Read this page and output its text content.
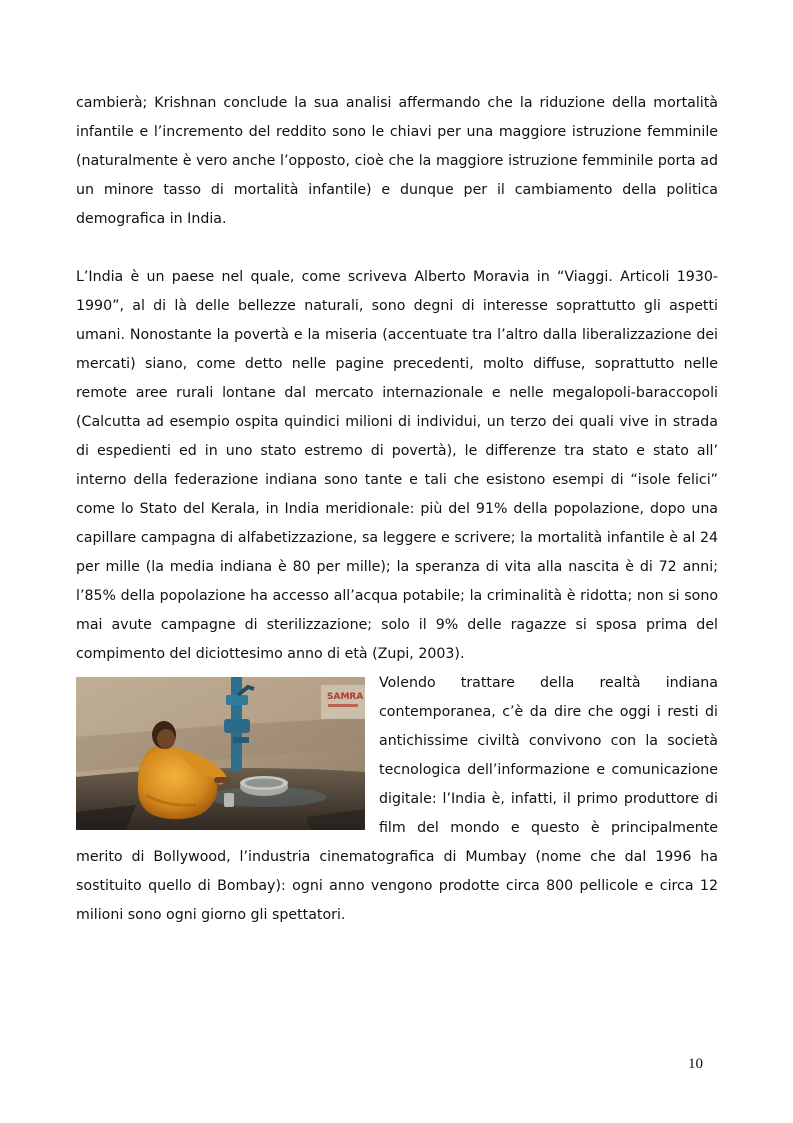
cambierà; Krishnan conclude la sua analisi affermando che la riduzione della mortalità infantile e l’incremento del reddito sono le chiavi per una maggiore istruzione femminile (naturalmente è vero anche l’opposto, cioè che la maggiore istruzione femminile porta ad un minore tasso di mortalità infantile) e dunque per il cambiamento della politica demografica in India.

L’India è un paese nel quale, come scriveva Alberto Moravia in “Viaggi. Articoli 1930-1990”, al di là delle bellezze naturali, sono degni di interesse soprattutto gli aspetti umani. Nonostante la povertà e la miseria (accentuate tra l’altro dalla liberalizzazione dei mercati) siano, come detto nelle pagine precedenti, molto diffuse, soprattutto nelle remote aree rurali lontane dal mercato internazionale e nelle megalopoli-baraccopoli (Calcutta ad esempio ospita quindici milioni di individui, un terzo dei quali vive in strada di espedienti ed in uno stato estremo di povertà), le differenze tra stato e stato all’ interno della federazione indiana sono tante e tali che esistono esempi di “isole felici” come lo Stato del Kerala, in India meridionale: più del 91% della popolazione, dopo una capillare campagna di alfabetizzazione, sa leggere e scrivere; la mortalità infantile è al 24 per mille (la media indiana è 80 per mille); la speranza di vita alla nascita è di 72 anni; l’85% della popolazione ha accesso all’acqua potabile; la criminalità è ridotta; non si sono mai avute campagne di sterilizzazione; solo il 9% delle ragazze si sposa prima del compimento del diciottesimo anno di età (Zupi, 2003).

SAMRA

Volendo trattare della realtà indiana contemporanea, c’è da dire che oggi i resti di antichissime civiltà convivono con la società tecnologica dell’informazione e comunicazione digitale: l’India è, infatti, il primo produttore di film del mondo e questo è principalmente merito di Bollywood, l’industria cinematografica di Mumbay (nome che dal 1996 ha sostituito quello di Bombay): ogni anno vengono prodotte circa 800 pellicole e circa 12 milioni sono ogni giorno gli spettatori.

10
